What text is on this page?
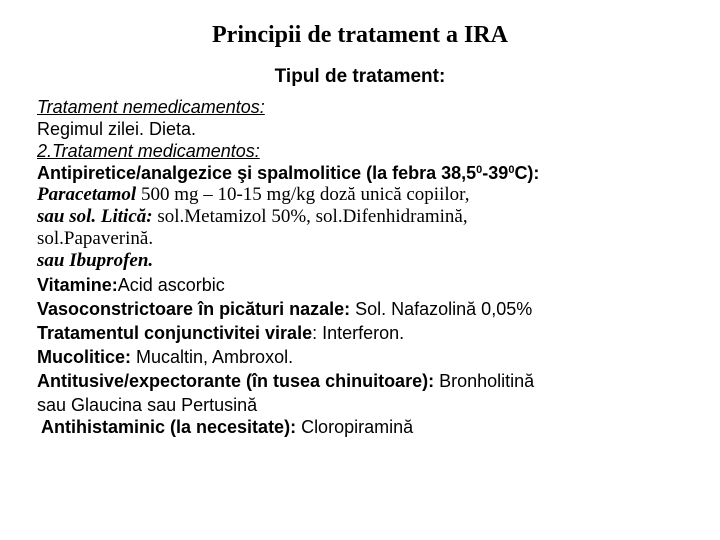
Principii de tratament a IRA
Tipul de tratament:
Tratament nemedicamentos:
Regimul zilei. Dieta.
2.Tratament medicamentos:
Antipiretice/analgezice şi spalmolitice (la febra $38,5^0-39^0C$):
Paracetamol 500 mg – 10-15 mg/kg doză unică copiilor,
sau sol. Litică: sol.Metamizol 50%, sol.Difenhidramină,
sol.Papaverină.
sau Ibuprofen.
Vitamine:Acid ascorbic
Vasoconstrictoare în picături nazale: Sol. Nafazolină 0,05%
Tratamentul conjunctivitei virale: Interferon.
Mucolitice: Mucaltin, Ambroxol.
Antitusive/expectorante (în tusea chinuitoare): Bronholitină
sau Glaucina sau Pertusină
Antihistaminic (la necesitate): Cloropiramină
